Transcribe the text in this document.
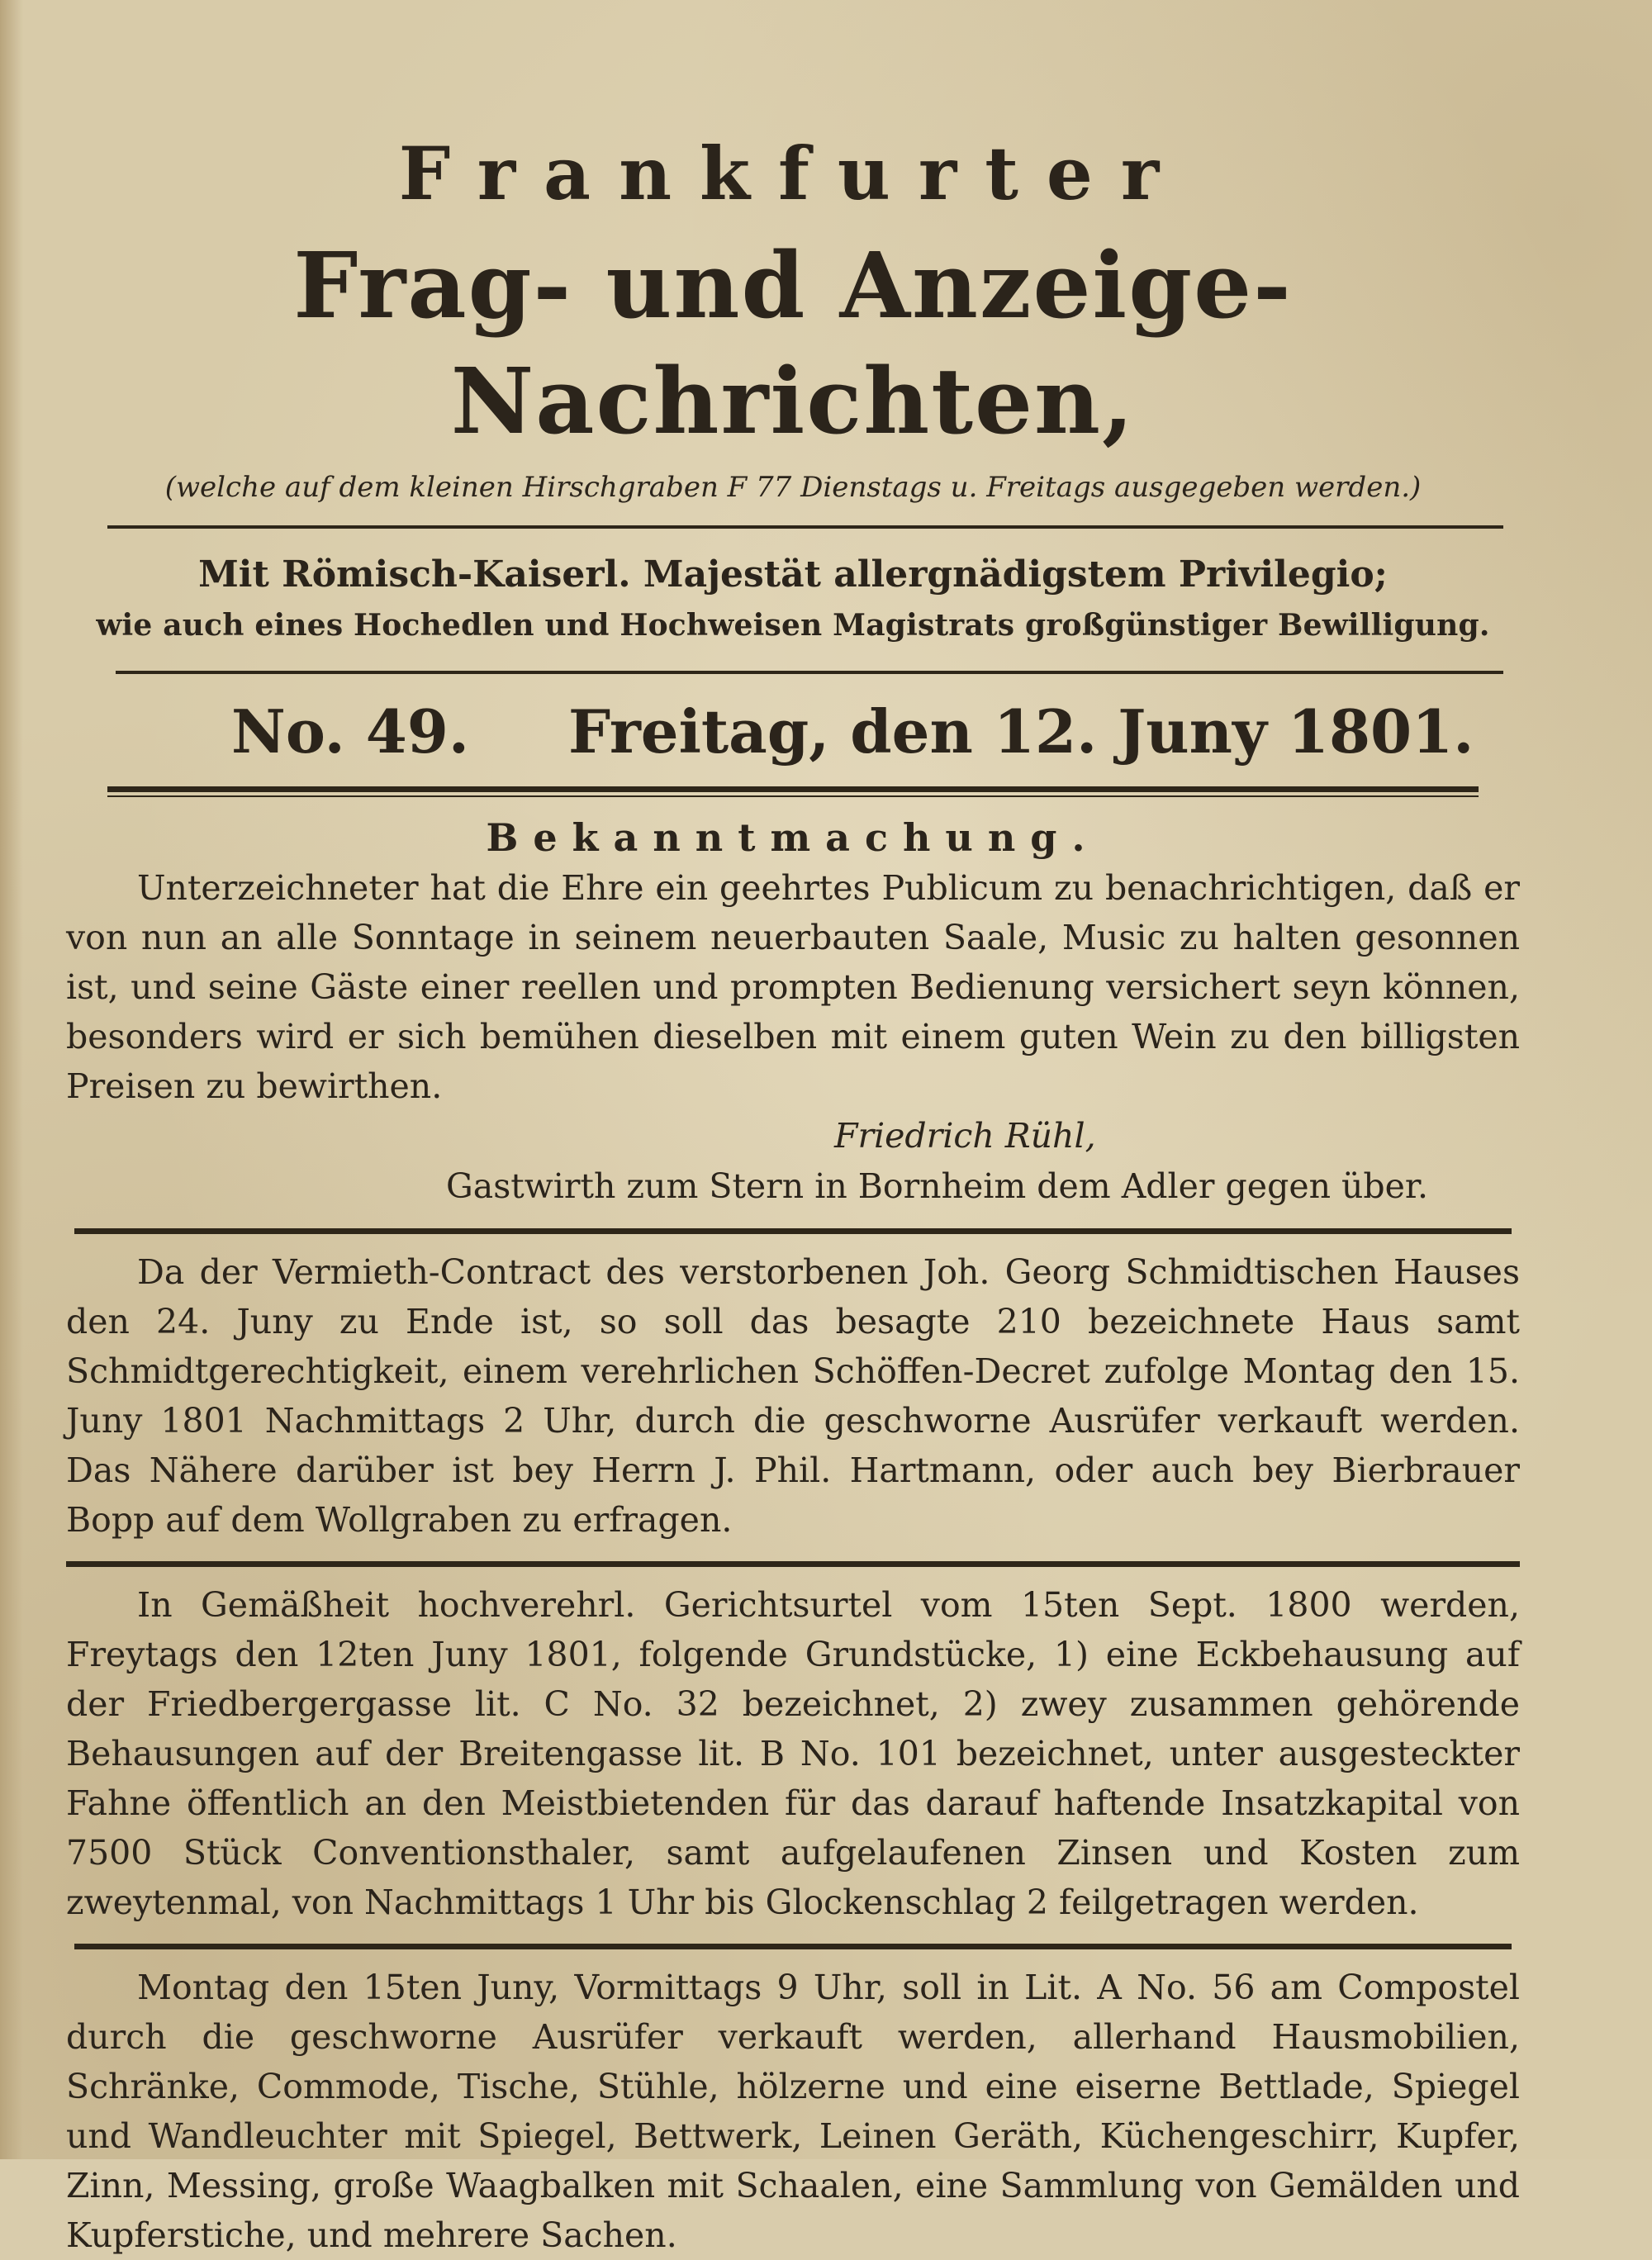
Frankfurter
Frag- und Anzeige-Nachrichten,
(welche auf dem kleinen Hirschgraben F 77 Dienstags u. Freitags ausgegeben werden.)
Mit Römisch-Kaiserl. Majestät allergnädigstem Privilegio;
wie auch eines Hochedlen und Hochweisen Magistrats großgünstiger Bewilligung.
No. 49. Freitag, den 12. Juny 1801.
Bekanntmachung.

Unterzeichneter hat die Ehre ein geehrtes Publicum zu benachrichtigen, daß er von nun an alle Sonntage in seinem neuerbauten Saale, Music zu halten gesonnen ist, und seine Gäste einer reellen und prompten Bedienung versichert seyn können, besonders wird er sich bemühen dieselben mit einem guten Wein zu den billigsten Preisen zu bewirthen.

Friedrich Rühl,
Gastwirth zum Stern in Bornheim dem Adler gegen über.

Da der Vermieth-Contract des verstorbenen Joh. Georg Schmidtischen Hauses den 24. Juny zu Ende ist, so soll das besagte 210 bezeichnete Haus samt Schmidtgerechtigkeit, einem verehrlichen Schöffen-Decret zufolge Montag den 15. Juny 1801 Nachmittags 2 Uhr, durch die geschworne Ausrüfer verkauft werden. Das Nähere darüber ist bey Herrn J. Phil. Hartmann, oder auch bey Bierbrauer Bopp auf dem Wollgraben zu erfragen.

In Gemäßheit hochverehrl. Gerichtsurtel vom 15ten Sept. 1800 werden, Freytags den 12ten Juny 1801, folgende Grundstücke, 1) eine Eckbehausung auf der Friedbergergasse lit. C No. 32 bezeichnet, 2) zwey zusammen gehörende Behausungen auf der Breitengasse lit. B No. 101 bezeichnet, unter ausgesteckter Fahne öffentlich an den Meistbietenden für das darauf haftende Insatzkapital von 7500 Stück Conventionsthaler, samt aufgelaufenen Zinsen und Kosten zum zweytenmal, von Nachmittags 1 Uhr bis Glockenschlag 2 feilgetragen werden.

Montag den 15ten Juny, Vormittags 9 Uhr, soll in Lit. A No. 56 am Compostel durch die geschworne Ausrüfer verkauft werden, allerhand Hausmobilien, Schränke, Commode, Tische, Stühle, hölzerne und eine eiserne Bettlade, Spiegel und Wandleuchter mit Spiegel, Bettwerk, Leinen Geräth, Küchengeschirr, Kupfer, Zinn, Messing, große Waagbalken mit Schaalen, eine Sammlung von Gemälden und Kupferstiche, und mehrere Sachen.
